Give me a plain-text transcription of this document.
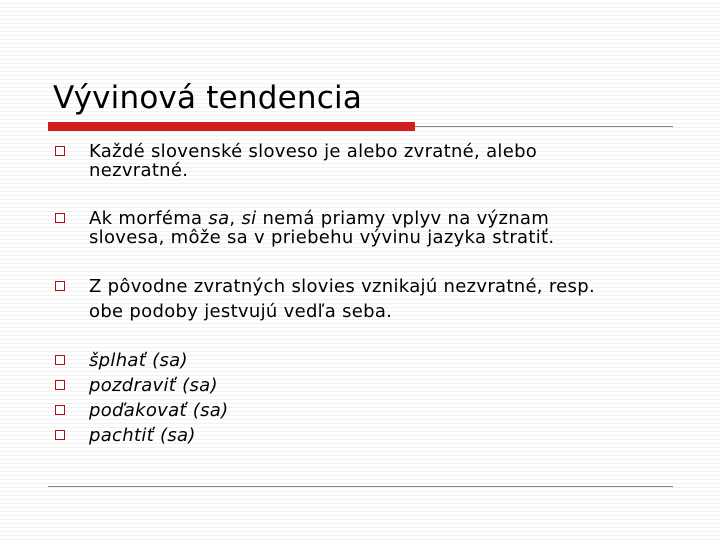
Vývinová tendencia
Každé slovenské sloveso je alebo zvratné, alebo
nezvratné.
Ak morféma sa, si nemá priamy vplyv na význam
slovesa, môže sa v priebehu vývinu jazyka stratiť.
Z pôvodne zvratných slovies vznikajú nezvratné, resp.
obe podoby jestvujú vedľa seba.
šplhať (sa)
pozdraviť (sa)
poďakovať (sa)
pachtiť (sa)
